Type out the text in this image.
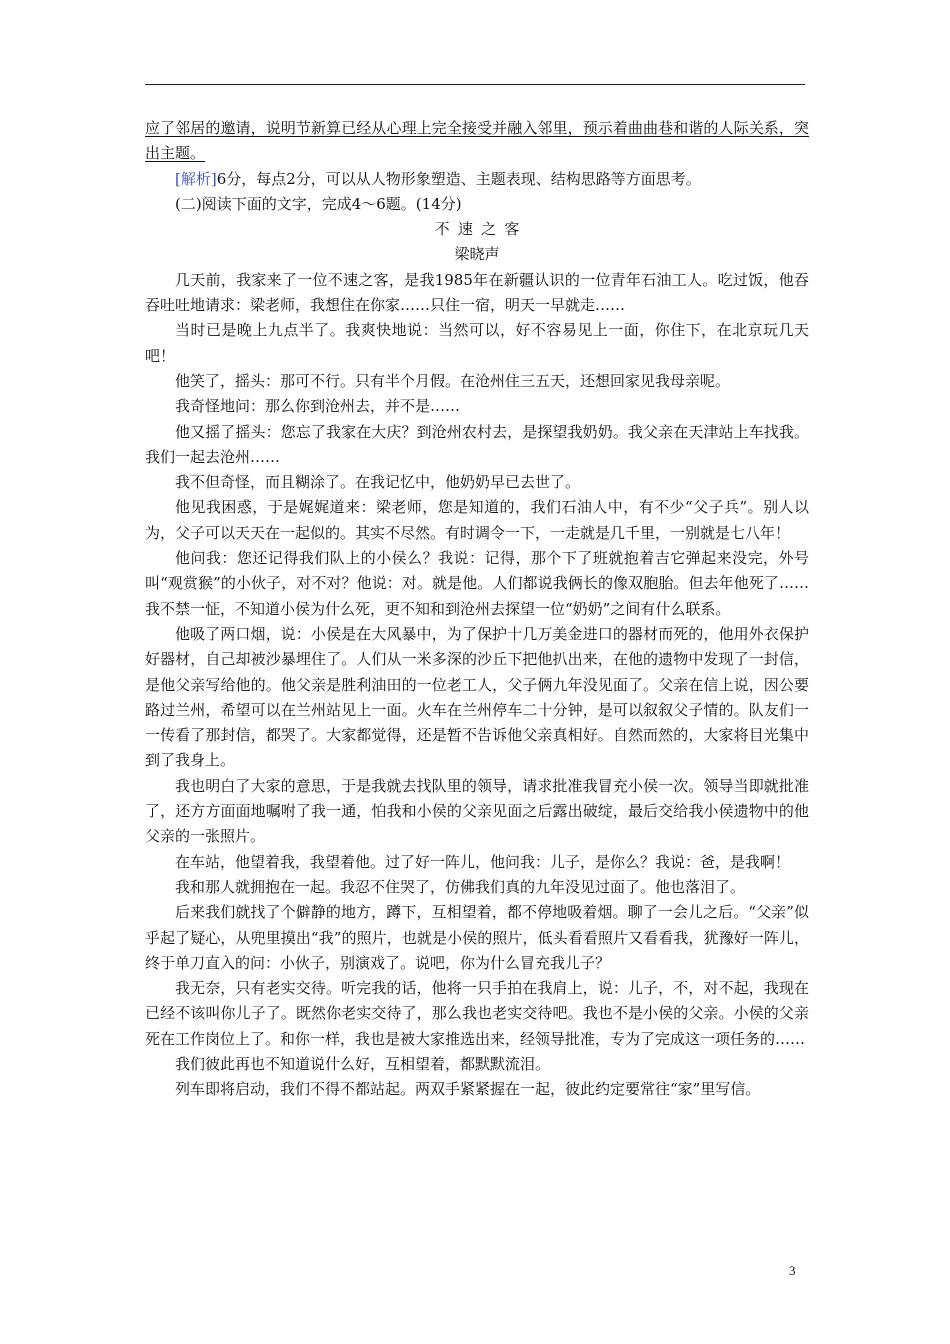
应了邻居的邀请，说明节新算已经从心理上完全接受并融入邻里，预示着曲曲巷和谐的人际关系，突出主题。

[解析]6分，每点2分，可以从人物形象塑造、主题表现、结构思路等方面思考。

(二)阅读下面的文字，完成4～6题。(14分)

不速之客

梁晓声

几天前，我家来了一位不速之客，是我1985年在新疆认识的一位青年石油工人。吃过饭，他吞吞吐吐地请求：梁老师，我想住在你家……只住一宿，明天一早就走……

当时已是晚上九点半了。我爽快地说：当然可以，好不容易见上一面，你住下，在北京玩几天吧！

他笑了，摇头：那可不行。只有半个月假。在沧州住三五天，还想回家见我母亲呢。

我奇怪地问：那么你到沧州去，并不是……

他又摇了摇头：您忘了我家在大庆？到沧州农村去，是探望我奶奶。我父亲在天津站上车找我。我们一起去沧州……

我不但奇怪，而且糊涂了。在我记忆中，他奶奶早已去世了。

他见我困惑，于是娓娓道来：梁老师，您是知道的，我们石油人中，有不少“父子兵”。别人以为，父子可以天天在一起似的。其实不尽然。有时调令一下，一走就是几千里，一别就是七八年！

他问我：您还记得我们队上的小侯么？我说：记得，那个下了班就抱着吉它弹起来没完，外号叫“观赏猴”的小伙子，对不对？他说：对。就是他。人们都说我俩长的像双胞胎。但去年他死了……我不禁一怔，不知道小侯为什么死，更不知和到沧州去探望一位“奶奶”之间有什么联系。

他吸了两口烟，说：小侯是在大风暴中，为了保护十几万美金进口的器材而死的，他用外衣保护好器材，自己却被沙暴埋住了。人们从一米多深的沙丘下把他扒出来，在他的遗物中发现了一封信，是他父亲写给他的。他父亲是胜利油田的一位老工人，父子俩九年没见面了。父亲在信上说，因公要路过兰州，希望可以在兰州站见上一面。火车在兰州停车二十分钟，是可以叙叙父子情的。队友们一一传看了那封信，都哭了。大家都觉得，还是暂不告诉他父亲真相好。自然而然的，大家将目光集中到了我身上。

我也明白了大家的意思，于是我就去找队里的领导，请求批准我冒充小侯一次。领导当即就批准了，还方方面面地嘱咐了我一通，怕我和小侯的父亲见面之后露出破绽，最后交给我小侯遗物中的他父亲的一张照片。

在车站，他望着我，我望着他。过了好一阵儿，他问我：儿子，是你么？我说：爸，是我啊！

我和那人就拥抱在一起。我忍不住哭了，仿佛我们真的九年没见过面了。他也落泪了。

后来我们就找了个僻静的地方，蹲下，互相望着，都不停地吸着烟。聊了一会儿之后。“父亲”似乎起了疑心，从兜里摸出“我”的照片，也就是小侯的照片，低头看看照片又看看我，犹豫好一阵儿，终于单刀直入的问：小伙子，别演戏了。说吧，你为什么冒充我儿子？

我无奈，只有老实交待。听完我的话，他将一只手拍在我肩上，说：儿子，不，对不起，我现在已经不该叫你儿子了。既然你老实交待了，那么我也老实交待吧。我也不是小侯的父亲。小侯的父亲死在工作岗位上了。和你一样，我也是被大家推选出来，经领导批准，专为了完成这一项任务的……

我们彼此再也不知道说什么好，互相望着，都默默流泪。

列车即将启动，我们不得不都站起。两双手紧紧握在一起，彼此约定要常往“家”里写信。

3
